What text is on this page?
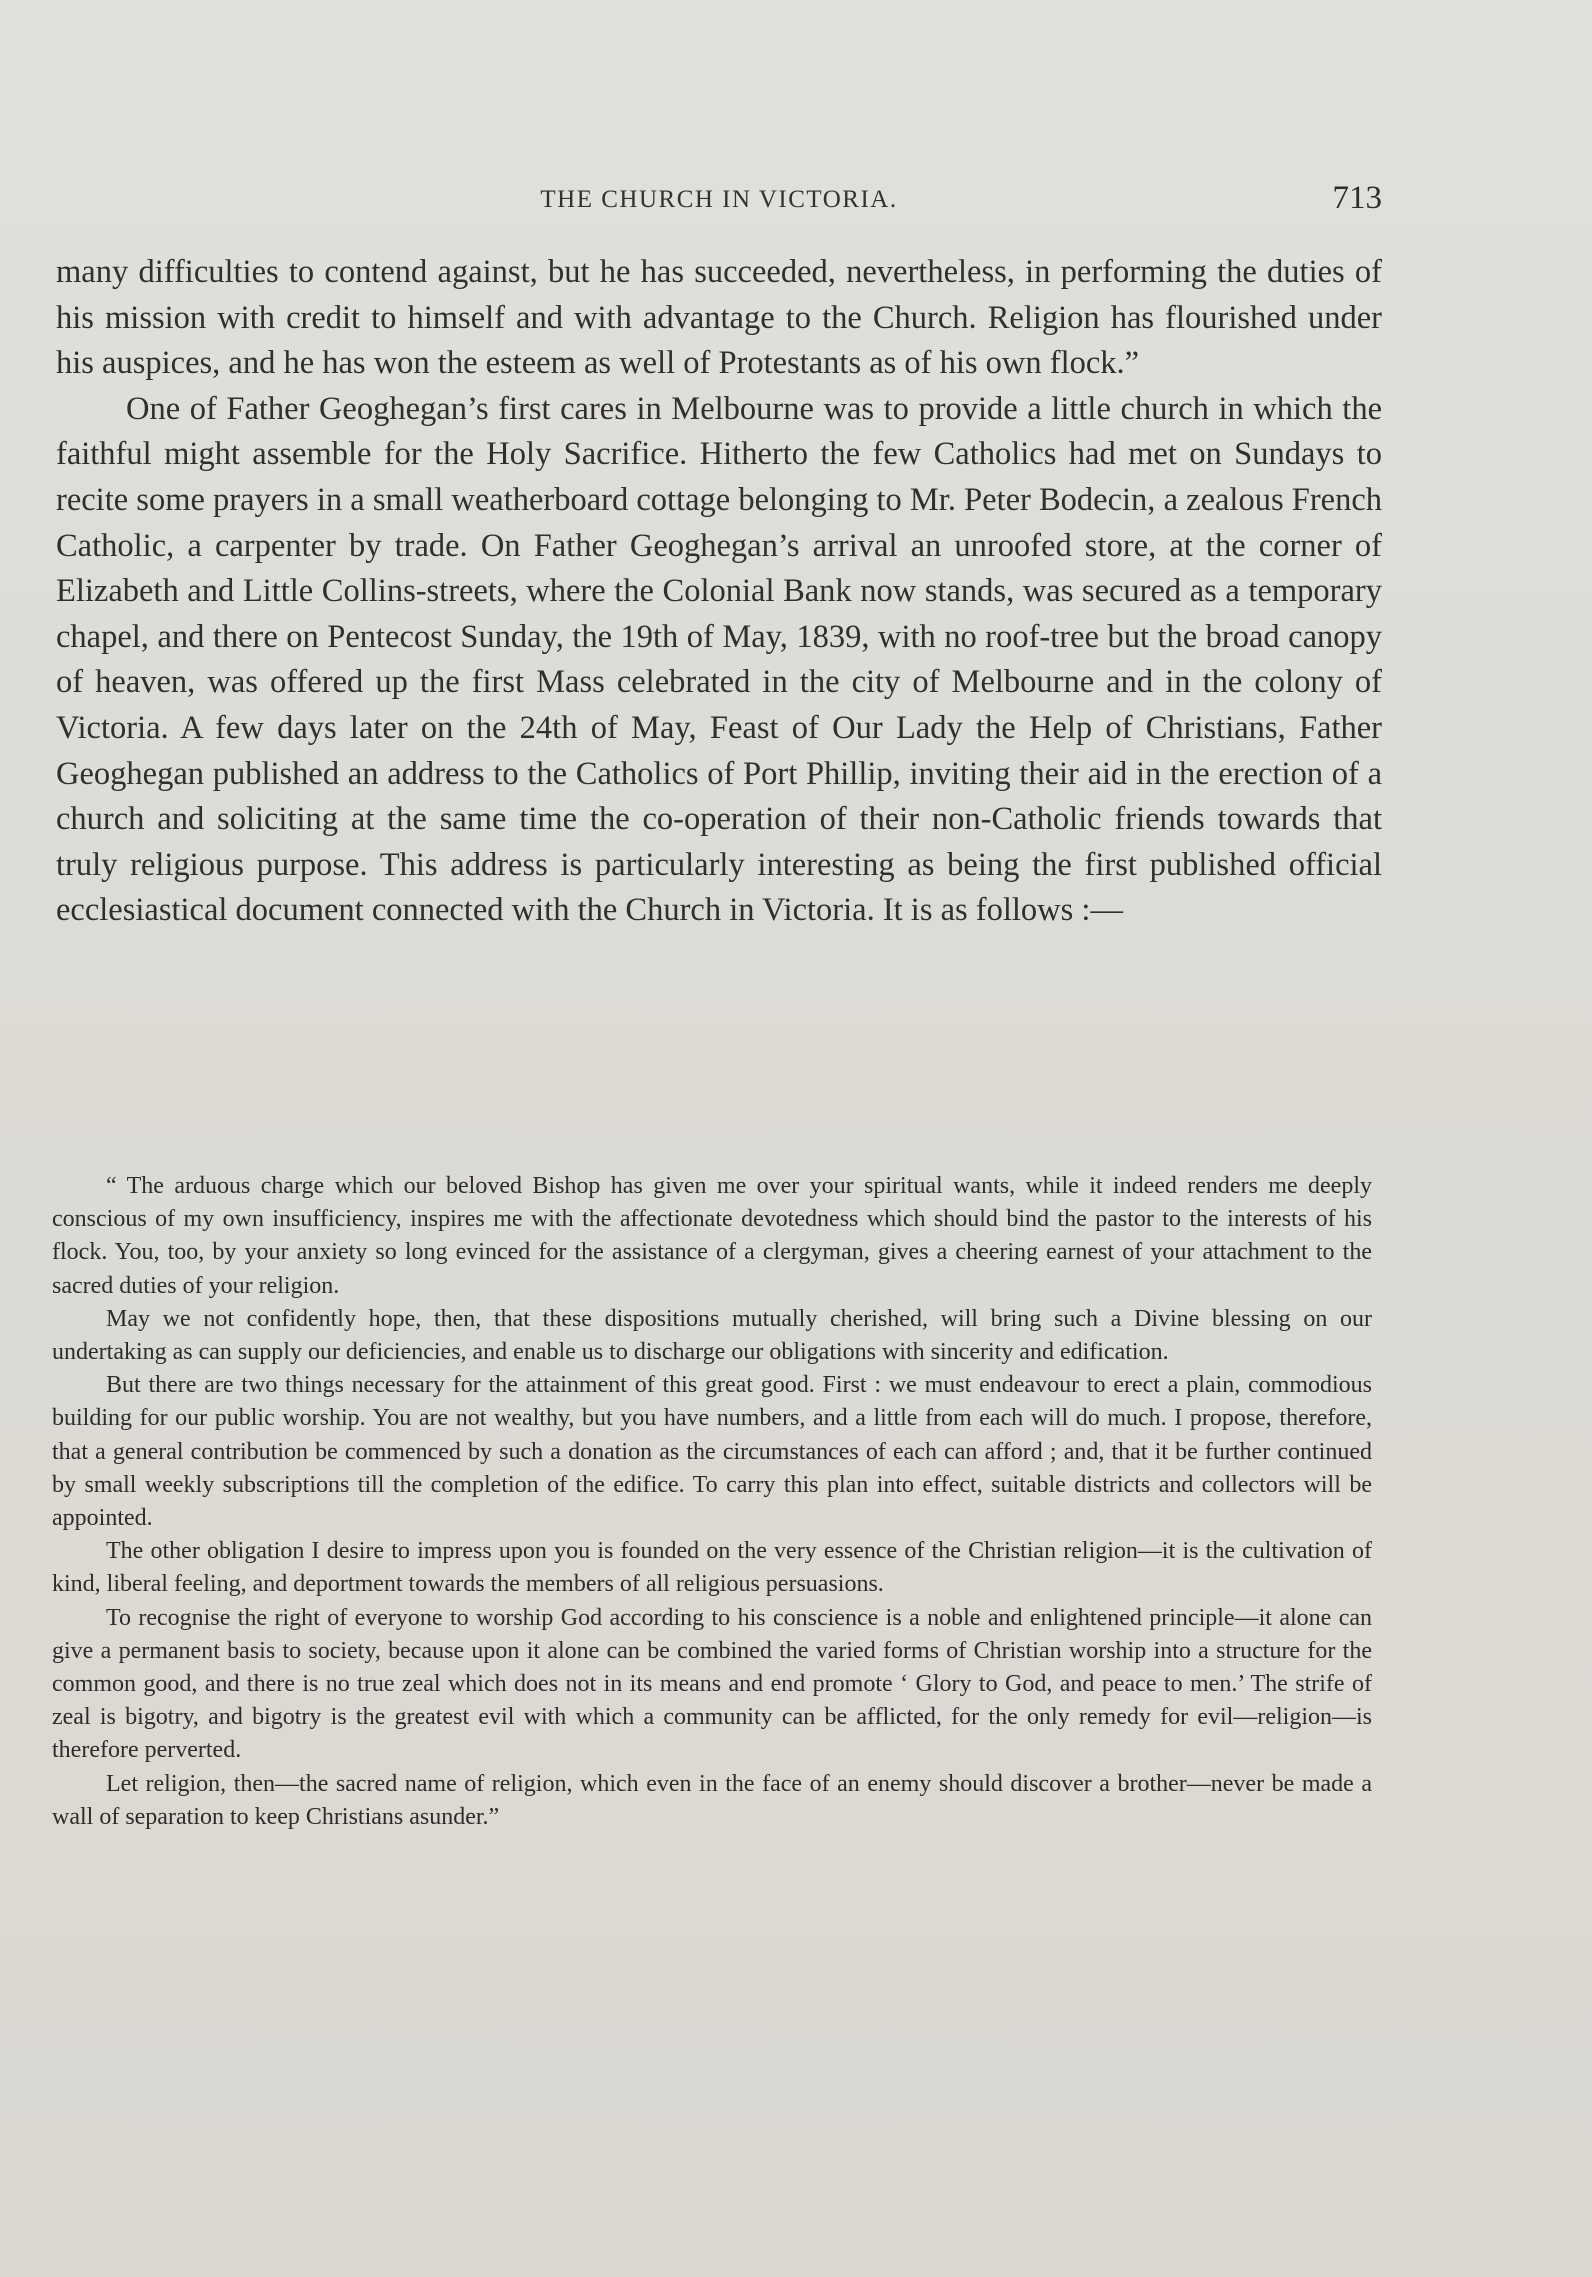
THE CHURCH IN VICTORIA.	713

many difficulties to contend against, but he has succeeded, nevertheless, in performing the duties of his mission with credit to himself and with advantage to the Church. Religion has flourished under his auspices, and he has won the esteem as well of Protestants as of his own flock.”

One of Father Geoghegan’s first cares in Melbourne was to provide a little church in which the faithful might assemble for the Holy Sacrifice. Hitherto the few Catholics had met on Sundays to recite some prayers in a small weatherboard cottage belonging to Mr. Peter Bodecin, a zealous French Catholic, a carpenter by trade. On Father Geoghegan’s arrival an unroofed store, at the corner of Elizabeth and Little Collins-streets, where the Colonial Bank now stands, was secured as a temporary chapel, and there on Pentecost Sunday, the 19th of May, 1839, with no roof-tree but the broad canopy of heaven, was offered up the first Mass celebrated in the city of Melbourne and in the colony of Victoria. A few days later on the 24th of May, Feast of Our Lady the Help of Christians, Father Geoghegan published an address to the Catholics of Port Phillip, inviting their aid in the erection of a church and soliciting at the same time the co-operation of their non-Catholic friends towards that truly religious purpose. This address is particularly interesting as being the first published official ecclesiastical document connected with the Church in Victoria. It is as follows :—

“ The arduous charge which our beloved Bishop has given me over your spiritual wants, while it indeed renders me deeply conscious of my own insufficiency, inspires me with the affectionate devotedness which should bind the pastor to the interests of his flock. You, too, by your anxiety so long evinced for the assistance of a clergyman, gives a cheering earnest of your attachment to the sacred duties of your religion.

May we not confidently hope, then, that these dispositions mutually cherished, will bring such a Divine blessing on our undertaking as can supply our deficiencies, and enable us to discharge our obligations with sincerity and edification.

But there are two things necessary for the attainment of this great good. First : we must endeavour to erect a plain, commodious building for our public worship. You are not wealthy, but you have numbers, and a little from each will do much. I propose, therefore, that a general contribution be commenced by such a donation as the circumstances of each can afford ; and, that it be further continued by small weekly subscriptions till the completion of the edifice. To carry this plan into effect, suitable districts and collectors will be appointed.

The other obligation I desire to impress upon you is founded on the very essence of the Christian religion—it is the cultivation of kind, liberal feeling, and deportment towards the members of all religious persuasions.

To recognise the right of everyone to worship God according to his conscience is a noble and enlightened principle—it alone can give a permanent basis to society, because upon it alone can be combined the varied forms of Christian worship into a structure for the common good, and there is no true zeal which does not in its means and end promote ‘ Glory to God, and peace to men.’ The strife of zeal is bigotry, and bigotry is the greatest evil with which a community can be afflicted, for the only remedy for evil—religion—is therefore perverted.

Let religion, then—the sacred name of religion, which even in the face of an enemy should discover a brother—never be made a wall of separation to keep Christians asunder.”
